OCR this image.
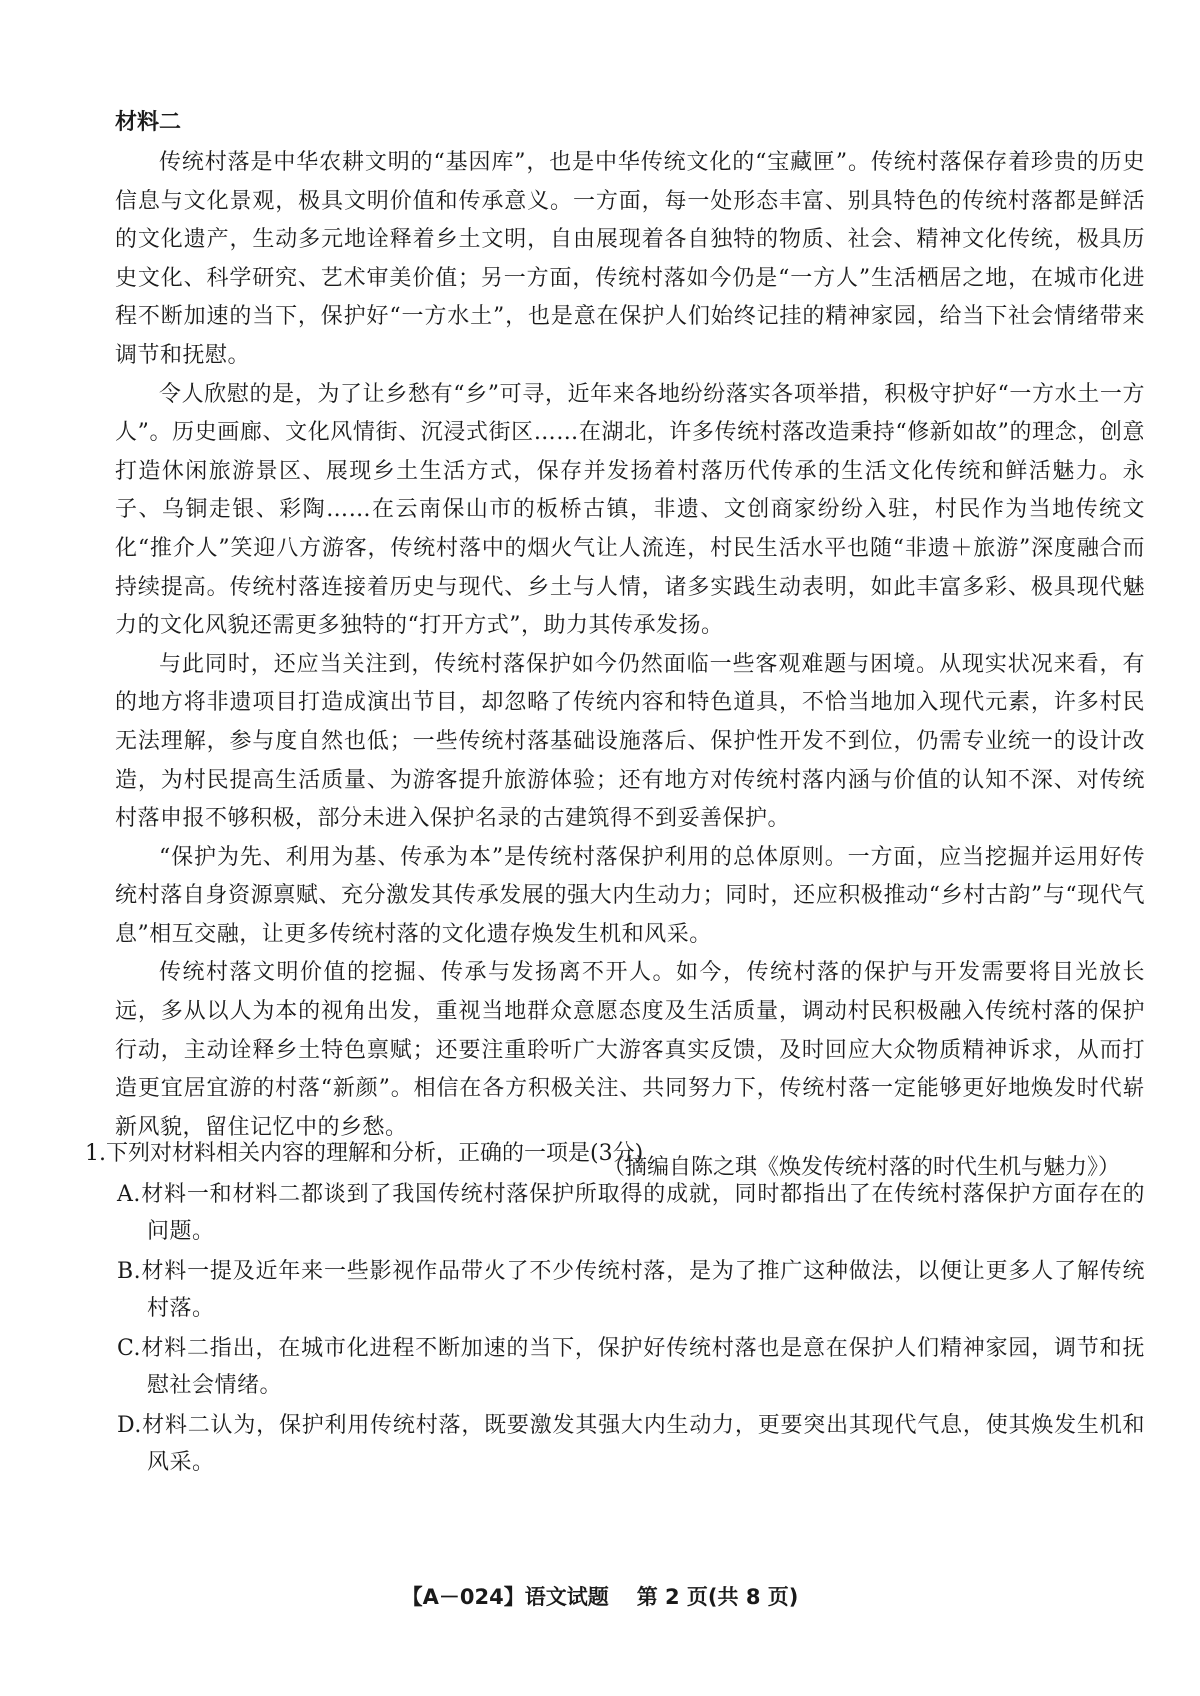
材料二

传统村落是中华农耕文明的“基因库”，也是中华传统文化的“宝藏匣”。传统村落保存着珍贵的历史信息与文化景观，极具文明价值和传承意义。一方面，每一处形态丰富、别具特色的传统村落都是鲜活的文化遗产，生动多元地诠释着乡土文明，自由展现着各自独特的物质、社会、精神文化传统，极具历史文化、科学研究、艺术审美价值；另一方面，传统村落如今仍是“一方人”生活栖居之地，在城市化进程不断加速的当下，保护好“一方水土”，也是意在保护人们始终记挂的精神家园，给当下社会情绪带来调节和抚慰。

令人欣慰的是，为了让乡愁有“乡”可寻，近年来各地纷纷落实各项举措，积极守护好“一方水土一方人”。历史画廊、文化风情街、沉浸式街区……在湖北，许多传统村落改造秉持“修新如故”的理念，创意打造休闲旅游景区、展现乡土生活方式，保存并发扬着村落历代传承的生活文化传统和鲜活魅力。永子、乌铜走银、彩陶……在云南保山市的板桥古镇，非遗、文创商家纷纷入驻，村民作为当地传统文化“推介人”笑迎八方游客，传统村落中的烟火气让人流连，村民生活水平也随“非遗＋旅游”深度融合而持续提高。传统村落连接着历史与现代、乡土与人情，诸多实践生动表明，如此丰富多彩、极具现代魅力的文化风貌还需更多独特的“打开方式”，助力其传承发扬。

与此同时，还应当关注到，传统村落保护如今仍然面临一些客观难题与困境。从现实状况来看，有的地方将非遗项目打造成演出节目，却忽略了传统内容和特色道具，不恰当地加入现代元素，许多村民无法理解，参与度自然也低；一些传统村落基础设施落后、保护性开发不到位，仍需专业统一的设计改造，为村民提高生活质量、为游客提升旅游体验；还有地方对传统村落内涵与价值的认知不深、对传统村落申报不够积极，部分未进入保护名录的古建筑得不到妥善保护。

“保护为先、利用为基、传承为本”是传统村落保护利用的总体原则。一方面，应当挖掘并运用好传统村落自身资源禀赋、充分激发其传承发展的强大内生动力；同时，还应积极推动“乡村古韵”与“现代气息”相互交融，让更多传统村落的文化遗存焕发生机和风采。

传统村落文明价值的挖掘、传承与发扬离不开人。如今，传统村落的保护与开发需要将目光放长远，多从以人为本的视角出发，重视当地群众意愿态度及生活质量，调动村民积极融入传统村落的保护行动，主动诠释乡土特色禀赋；还要注重聆听广大游客真实反馈，及时回应大众物质精神诉求，从而打造更宜居宜游的村落“新颜”。相信在各方积极关注、共同努力下，传统村落一定能够更好地焕发时代崭新风貌，留住记忆中的乡愁。

（摘编自陈之琪《焕发传统村落的时代生机与魅力》）

1.下列对材料相关内容的理解和分析，正确的一项是(3分)

A.材料一和材料二都谈到了我国传统村落保护所取得的成就，同时都指出了在传统村落保护方面存在的问题。

B.材料一提及近年来一些影视作品带火了不少传统村落，是为了推广这种做法，以便让更多人了解传统村落。

C.材料二指出，在城市化进程不断加速的当下，保护好传统村落也是意在保护人们精神家园，调节和抚慰社会情绪。

D.材料二认为，保护利用传统村落，既要激发其强大内生动力，更要突出其现代气息，使其焕发生机和风采。

【A－024】语文试题 第 2 页(共 8 页)
